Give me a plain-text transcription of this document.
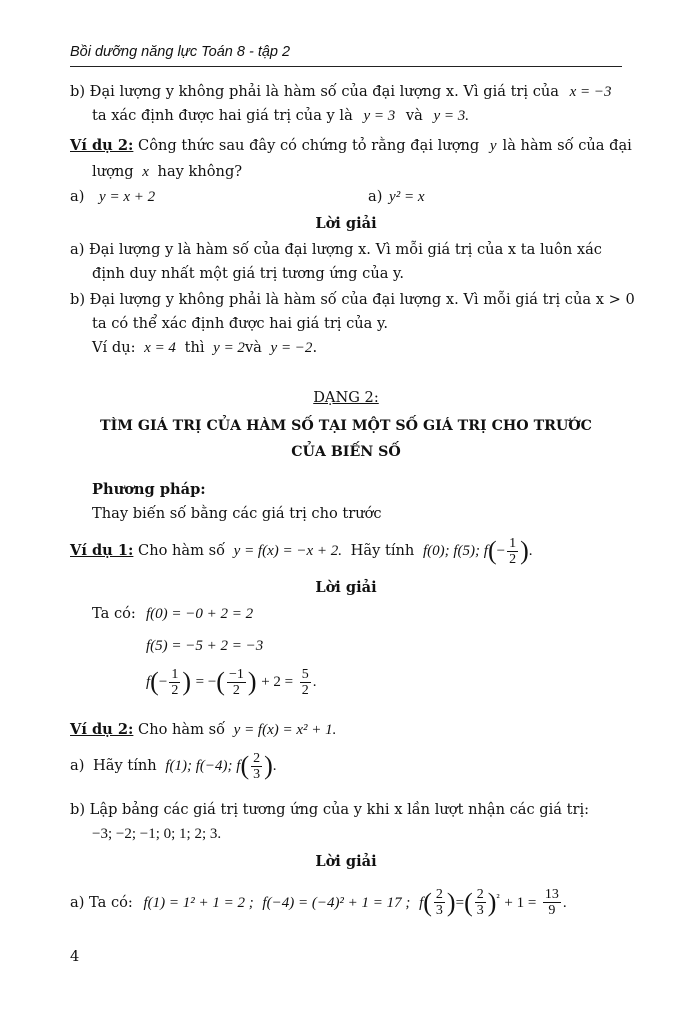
Bồi dưỡng năng lực Toán 8 - tập 2
b) Đại lượng y không phải là hàm số của đại lượng x. Vì giá trị của x = −3
ta xác định được hai giá trị của y là y = 3 và y = 3.
Ví dụ 2: Công thức sau đây có chứng tỏ rằng đại lượng y là hàm số của đại
lượng x hay không?
a) y = x + 2	a) y² = x
Lời giải
a) Đại lượng y là hàm số của đại lượng x. Vì mỗi giá trị của x ta luôn xác
định duy nhất một giá trị tương ứng của y.
b) Đại lượng y không phải là hàm số của đại lượng x. Vì mỗi giá trị của x > 0
ta có thể xác định được hai giá trị của y.
Ví dụ: x = 4 thì y = 2và y = −2.
DẠNG 2:
TÌM GIÁ TRỊ CỦA HÀM SỐ TẠI MỘT SỐ GIÁ TRỊ CHO TRƯỚC
CỦA BIẾN SỐ
Phương pháp:
Thay biến số bằng các giá trị cho trước
Ví dụ 1: Cho hàm số y = f(x) = −x + 2. Hãy tính f(0); f(5); $f(- \frac{1}{2}$ ).
Lời giải
Ta có: f(0) = −0 + 2 = 2
f(5) = −5 + 2 = −3
$f(- \frac{1}{2}$ ) = −( $\frac{-1}{2}$ ) + $2 = \frac{5}{2}$ .
Ví dụ 2: Cho hàm số y = f(x) = x² + 1.
a) Hãy tính f(1); f(−4); $f( \frac{2}{3}$ ).
b) Lập bảng các giá trị tương ứng của y khi x lần lượt nhận các giá trị:
−3; −2; −1; 0; 1; 2; 3.
Lời giải
a) Ta có: f(1) = 1² + 1 = 2 ; f(−4) = (−4)² + 1 = 17 ; $f( \frac{2}{3}$ )=( $\frac{2}{3} )^{^2} + 1 = \frac{13}{9}$ .
4
